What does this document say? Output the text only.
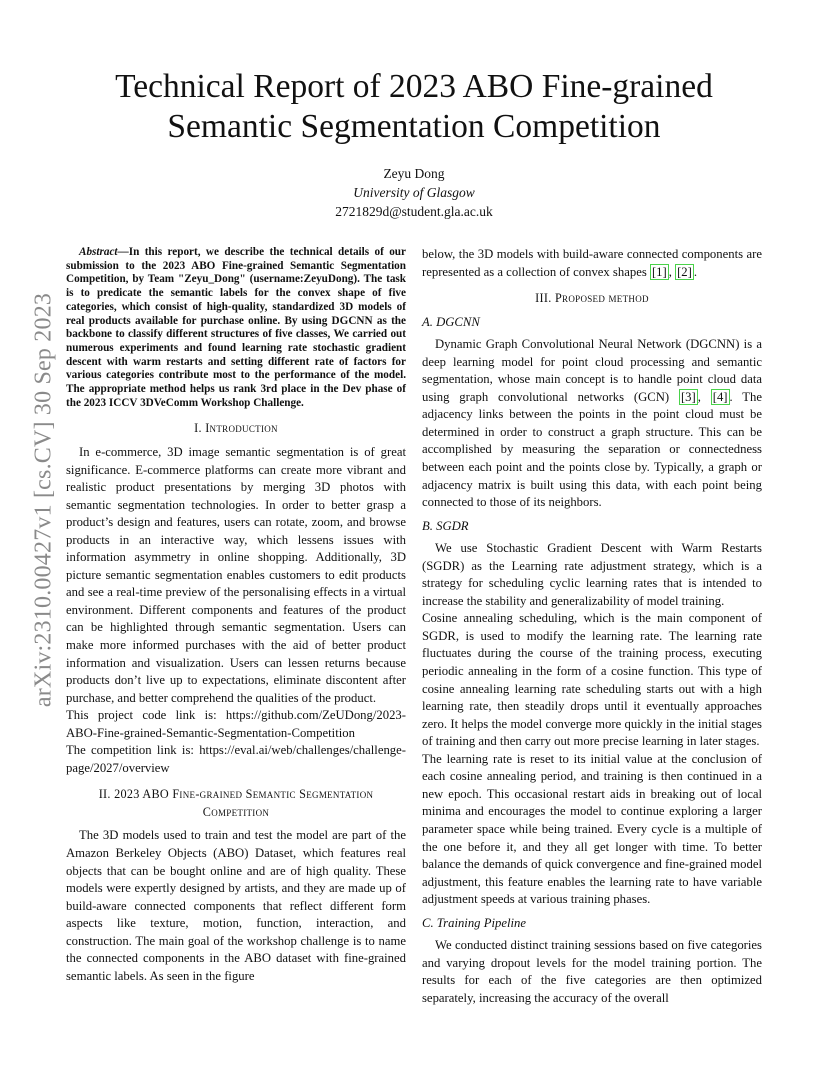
arXiv:2310.00427v1 [cs.CV] 30 Sep 2023
Technical Report of 2023 ABO Fine-grained Semantic Segmentation Competition
Zeyu Dong
University of Glasgow
2721829d@student.gla.ac.uk

Abstract—In this report, we describe the technical details of our submission to the 2023 ABO Fine-grained Semantic Segmentation Competition, by Team "Zeyu_Dong" (username:ZeyuDong). The task is to predicate the semantic labels for the convex shape of five categories, which consist of high-quality, standardized 3D models of real products available for purchase online. By using DGCNN as the backbone to classify different structures of five classes, We carried out numerous experiments and found learning rate stochastic gradient descent with warm restarts and setting different rate of factors for various categories contribute most to the performance of the model. The appropriate method helps us rank 3rd place in the Dev phase of the 2023 ICCV 3DVeComm Workshop Challenge.

I. Introduction

In e-commerce, 3D image semantic segmentation is of great significance. E-commerce platforms can create more vibrant and realistic product presentations by merging 3D photos with semantic segmentation technologies. In order to better grasp a product’s design and features, users can rotate, zoom, and browse products in an interactive way, which lessens issues with information asymmetry in online shopping. Additionally, 3D picture semantic segmentation enables customers to edit products and see a real-time preview of the personalising effects in a virtual environment. Different components and features of the product can be highlighted through semantic segmentation. Users can make more informed purchases with the aid of better product information and visualization. Users can lessen returns because products don’t live up to expectations, eliminate discontent after purchase, and better comprehend the qualities of the product.

This project code link is: https://github.com/ZeUDong/2023-ABO-Fine-grained-Semantic-Segmentation-Competition

The competition link is: https://eval.ai/web/challenges/challenge-page/2027/overview

II. 2023 ABO Fine-grained Semantic Segmentation Competition

The 3D models used to train and test the model are part of the Amazon Berkeley Objects (ABO) Dataset, which features real objects that can be bought online and are of high quality. These models were expertly designed by artists, and they are made up of build-aware connected components that reflect different form aspects like texture, motion, function, interaction, and construction. The main goal of the workshop challenge is to name the connected components in the ABO dataset with fine-grained semantic labels. As seen in the figure

below, the 3D models with build-aware connected components are represented as a collection of convex shapes [1] , [2] .

III. Proposed method
A. DGCNN

Dynamic Graph Convolutional Neural Network (DGCNN) is a deep learning model for point cloud processing and semantic segmentation, whose main concept is to handle point cloud data using graph convolutional networks (GCN) [3] , [4] . The adjacency links between the points in the point cloud must be determined in order to construct a graph structure. This can be accomplished by measuring the separation or connectedness between each point and the points close by. Typically, a graph or adjacency matrix is built using this data, with each point being connected to those of its neighbors.

B. SGDR

We use Stochastic Gradient Descent with Warm Restarts (SGDR) as the Learning rate adjustment strategy, which is a strategy for scheduling cyclic learning rates that is intended to increase the stability and generalizability of model training.

Cosine annealing scheduling, which is the main component of SGDR, is used to modify the learning rate. The learning rate fluctuates during the course of the training process, executing periodic annealing in the form of a cosine function. This type of cosine annealing learning rate scheduling starts out with a high learning rate, then steadily drops until it eventually approaches zero. It helps the model converge more quickly in the initial stages of training and then carry out more precise learning in later stages.

The learning rate is reset to its initial value at the conclusion of each cosine annealing period, and training is then continued in a new epoch. This occasional restart aids in breaking out of local minima and encourages the model to continue exploring a larger parameter space while being trained. Every cycle is a multiple of the one before it, and they all get longer with time. To better balance the demands of quick convergence and fine-grained model adjustment, this feature enables the learning rate to have variable adjustment speeds at various training phases.

C. Training Pipeline

We conducted distinct training sessions based on five categories and varying dropout levels for the model training portion. The results for each of the five categories are then optimized separately, increasing the accuracy of the overall
